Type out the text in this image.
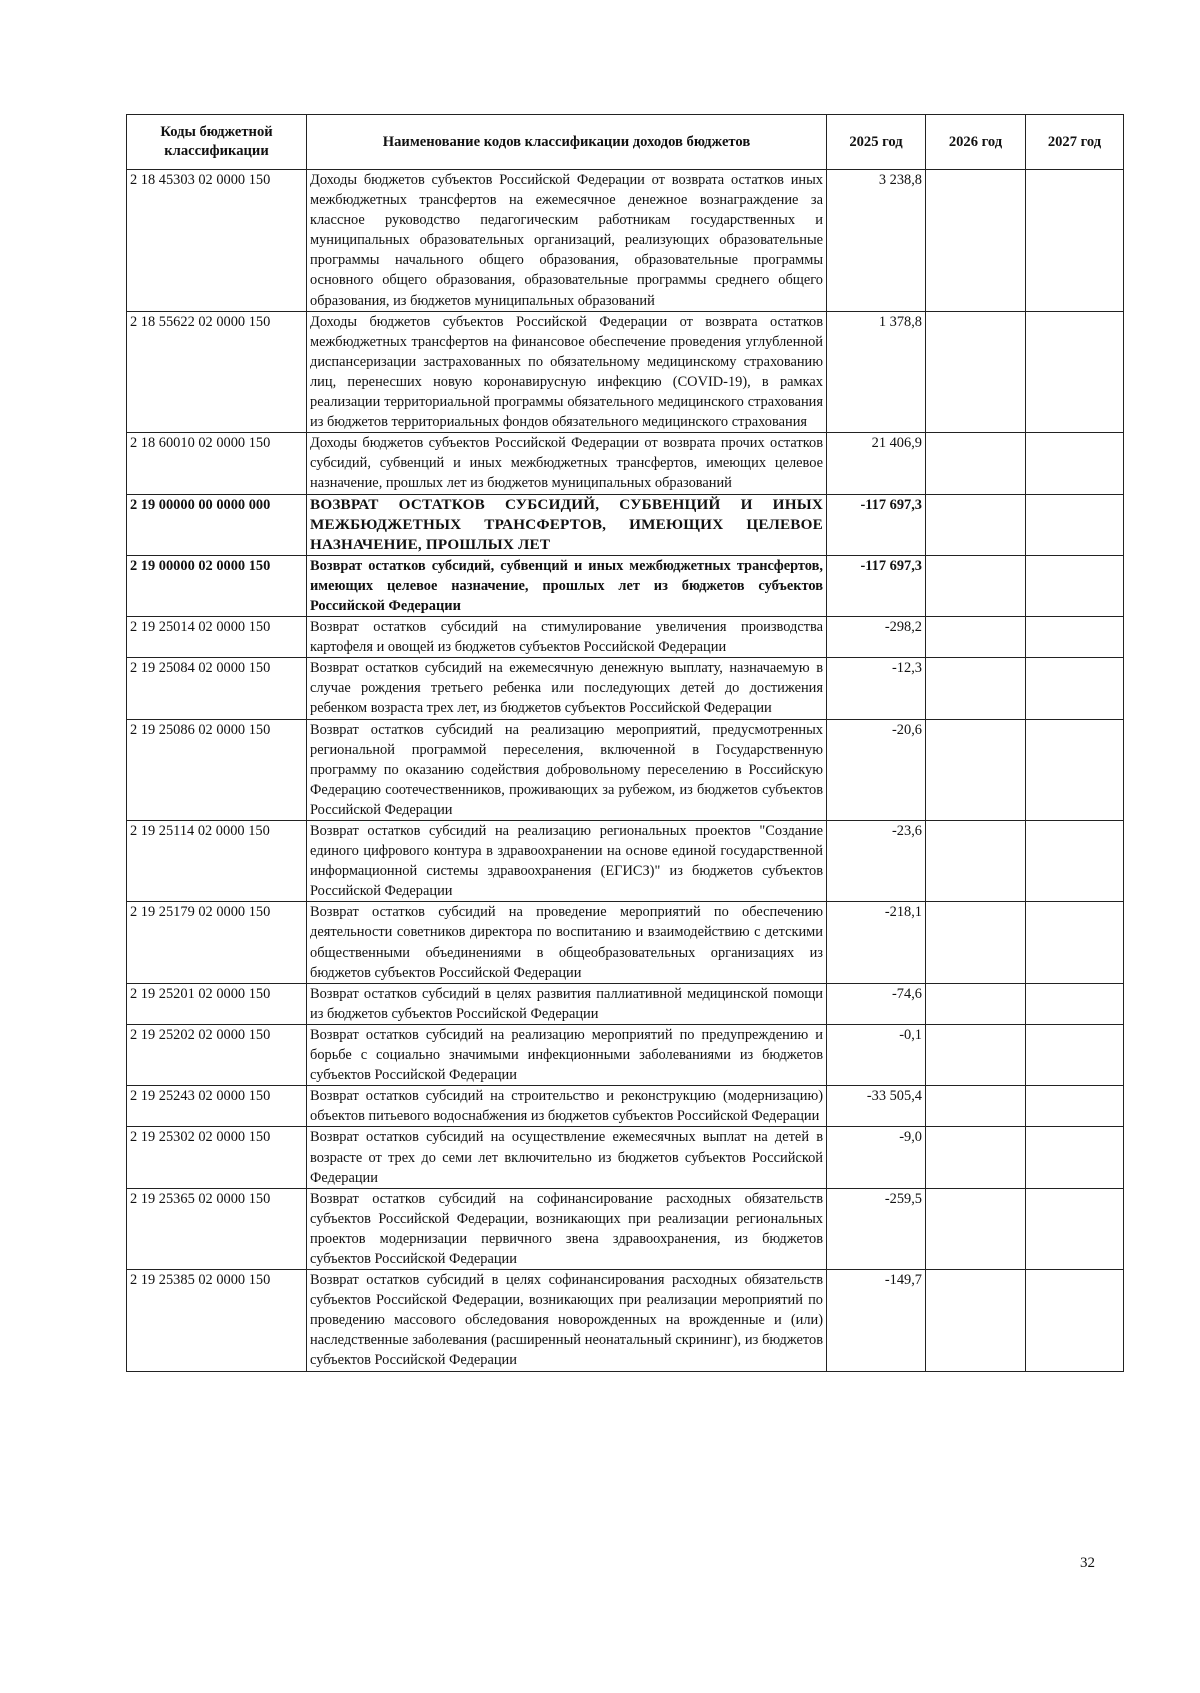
Коды бюджетной классификации	Наименование кодов классификации доходов бюджетов	2025 год	2026 год	2027 год
2 18 45303 02 0000 150	Доходы бюджетов субъектов Российской Федерации от возврата остатков иных межбюджетных трансфертов на ежемесячное денежное вознаграждение за классное руководство педагогическим работникам государственных и муниципальных образовательных организаций, реализующих образовательные программы начального общего образования, образовательные программы основного общего образования, образовательные программы среднего общего образования, из бюджетов муниципальных образований	3 238,8		
2 18 55622 02 0000 150	Доходы бюджетов субъектов Российской Федерации от возврата остатков межбюджетных трансфертов на финансовое обеспечение проведения углубленной диспансеризации застрахованных по обязательному медицинскому страхованию лиц, перенесших новую коронавирусную инфекцию (COVID-19), в рамках реализации территориальной программы обязательного медицинского страхования из бюджетов территориальных фондов обязательного медицинского страхования	1 378,8		
2 18 60010 02 0000 150	Доходы бюджетов субъектов Российской Федерации от возврата прочих остатков субсидий, субвенций и иных межбюджетных трансфертов, имеющих целевое назначение, прошлых лет из бюджетов муниципальных образований	21 406,9		
2 19 00000 00 0000 000	ВОЗВРАТ ОСТАТКОВ СУБСИДИЙ, СУБВЕНЦИЙ И ИНЫХ МЕЖБЮДЖЕТНЫХ ТРАНСФЕРТОВ, ИМЕЮЩИХ ЦЕЛЕВОЕ НАЗНАЧЕНИЕ, ПРОШЛЫХ ЛЕТ	-117 697,3		
2 19 00000 02 0000 150	Возврат остатков субсидий, субвенций и иных межбюджетных трансфертов, имеющих целевое назначение, прошлых лет из бюджетов субъектов Российской Федерации	-117 697,3		
2 19 25014 02 0000 150	Возврат остатков субсидий на стимулирование увеличения производства картофеля и овощей из бюджетов субъектов Российской Федерации	-298,2		
2 19 25084 02 0000 150	Возврат остатков субсидий на ежемесячную денежную выплату, назначаемую в случае рождения третьего ребенка или последующих детей до достижения ребенком возраста трех лет, из бюджетов субъектов Российской Федерации	-12,3		
2 19 25086 02 0000 150	Возврат остатков субсидий на реализацию мероприятий, предусмотренных региональной программой переселения, включенной в Государственную программу по оказанию содействия добровольному переселению в Российскую Федерацию соотечественников, проживающих за рубежом, из бюджетов субъектов Российской Федерации	-20,6		
2 19 25114 02 0000 150	Возврат остатков субсидий на реализацию региональных проектов "Создание единого цифрового контура в здравоохранении на основе единой государственной информационной системы здравоохранения (ЕГИСЗ)" из бюджетов субъектов Российской Федерации	-23,6		
2 19 25179 02 0000 150	Возврат остатков субсидий на проведение мероприятий по обеспечению деятельности советников директора по воспитанию и взаимодействию с детскими общественными объединениями в общеобразовательных организациях из бюджетов субъектов Российской Федерации	-218,1		
2 19 25201 02 0000 150	Возврат остатков субсидий в целях развития паллиативной медицинской помощи из бюджетов субъектов Российской Федерации	-74,6		
2 19 25202 02 0000 150	Возврат остатков субсидий на реализацию мероприятий по предупреждению и борьбе с социально значимыми инфекционными заболеваниями из бюджетов субъектов Российской Федерации	-0,1		
2 19 25243 02 0000 150	Возврат остатков субсидий на строительство и реконструкцию (модернизацию) объектов питьевого водоснабжения из бюджетов субъектов Российской Федерации	-33 505,4		
2 19 25302 02 0000 150	Возврат остатков субсидий на осуществление ежемесячных выплат на детей в возрасте от трех до семи лет включительно из бюджетов субъектов Российской Федерации	-9,0		
2 19 25365 02 0000 150	Возврат остатков субсидий на софинансирование расходных обязательств субъектов Российской Федерации, возникающих при реализации региональных проектов модернизации первичного звена здравоохранения, из бюджетов субъектов Российской Федерации	-259,5		
2 19 25385 02 0000 150	Возврат остатков субсидий в целях софинансирования расходных обязательств субъектов Российской Федерации, возникающих при реализации мероприятий по проведению массового обследования новорожденных на врожденные и (или) наследственные заболевания (расширенный неонатальный скрининг), из бюджетов субъектов Российской Федерации	-149,7		
32
